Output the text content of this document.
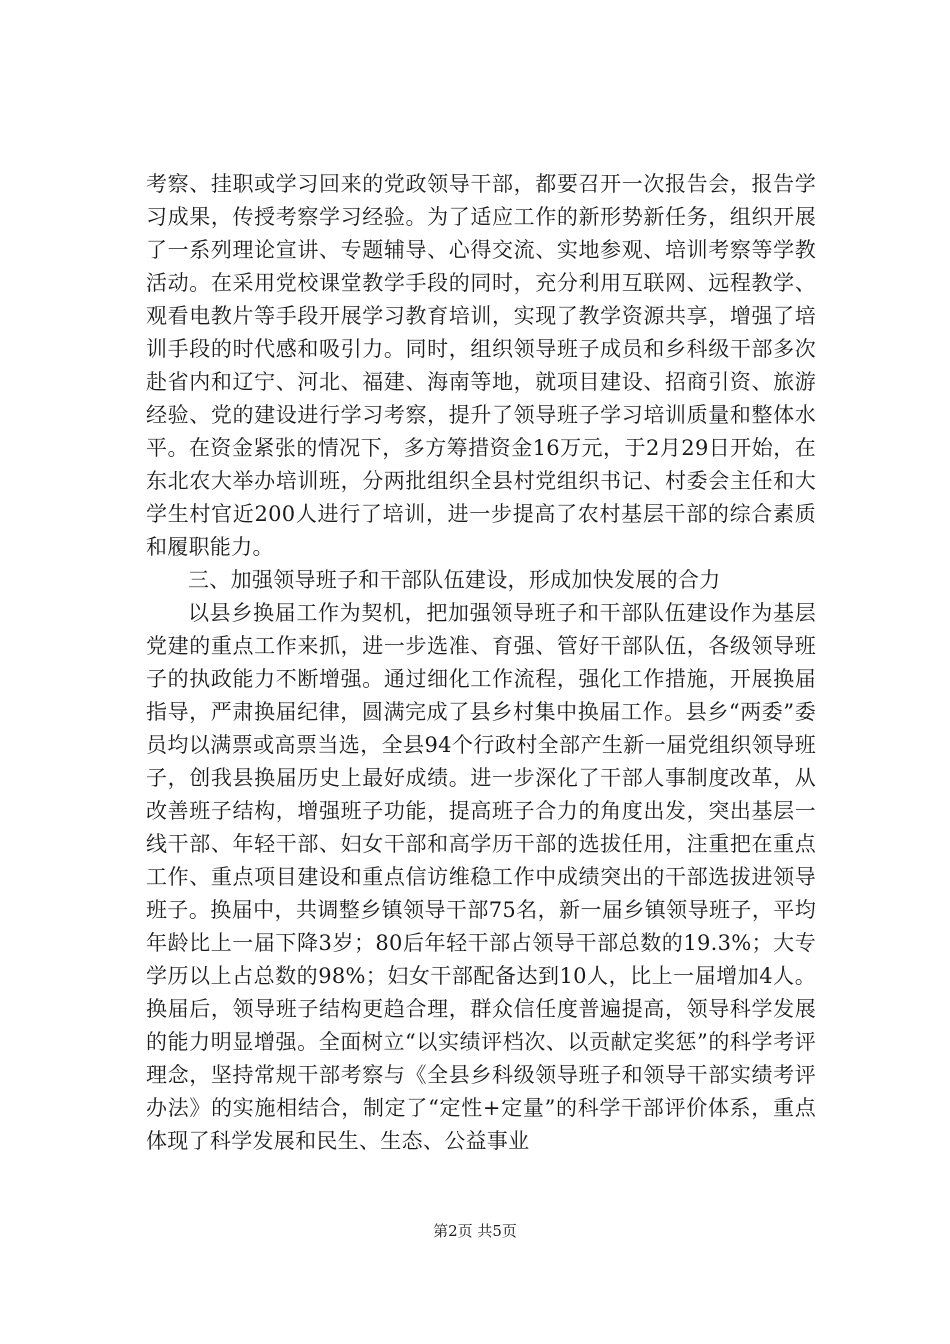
考察、挂职或学习回来的党政领导干部，都要召开一次报告会，报告学习成果，传授考察学习经验。为了适应工作的新形势新任务，组织开展了一系列理论宣讲、专题辅导、心得交流、实地参观、培训考察等学教活动。在采用党校课堂教学手段的同时，充分利用互联网、远程教学、观看电教片等手段开展学习教育培训，实现了教学资源共享，增强了培训手段的时代感和吸引力。同时，组织领导班子成员和乡科级干部多次赴省内和辽宁、河北、福建、海南等地，就项目建设、招商引资、旅游经验、党的建设进行学习考察，提升了领导班子学习培训质量和整体水平。在资金紧张的情况下，多方筹措资金16万元，于2月29日开始，在东北农大举办培训班，分两批组织全县村党组织书记、村委会主任和大学生村官近200人进行了培训，进一步提高了农村基层干部的综合素质和履职能力。

三、加强领导班子和干部队伍建设，形成加快发展的合力

以县乡换届工作为契机，把加强领导班子和干部队伍建设作为基层党建的重点工作来抓，进一步选准、育强、管好干部队伍，各级领导班子的执政能力不断增强。通过细化工作流程，强化工作措施，开展换届指导，严肃换届纪律，圆满完成了县乡村集中换届工作。县乡“两委”委员均以满票或高票当选，全县94个行政村全部产生新一届党组织领导班子，创我县换届历史上最好成绩。进一步深化了干部人事制度改革，从改善班子结构，增强班子功能，提高班子合力的角度出发，突出基层一线干部、年轻干部、妇女干部和高学历干部的选拔任用，注重把在重点工作、重点项目建设和重点信访维稳工作中成绩突出的干部选拔进领导班子。换届中，共调整乡镇领导干部75名，新一届乡镇领导班子，平均年龄比上一届下降3岁；80后年轻干部占领导干部总数的19.3%；大专学历以上占总数的98%；妇女干部配备达到10人，比上一届增加4人。换届后，领导班子结构更趋合理，群众信任度普遍提高，领导科学发展的能力明显增强。全面树立“以实绩评档次、以贡献定奖惩”的科学考评理念，坚持常规干部考察与《全县乡科级领导班子和领导干部实绩考评办法》的实施相结合，制定了“定性+定量”的科学干部评价体系，重点体现了科学发展和民生、生态、公益事业

第2页 共5页
